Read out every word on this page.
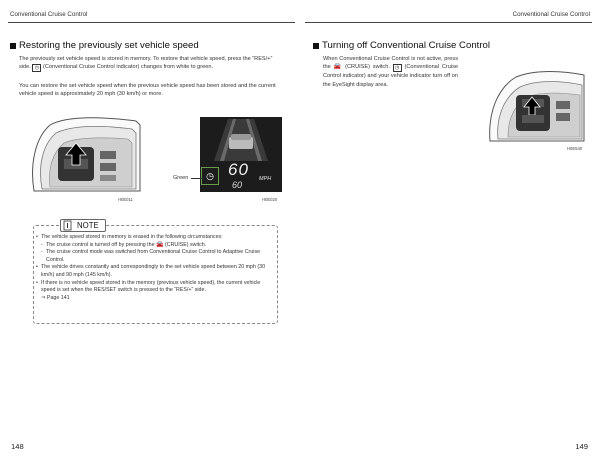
Conventional Cruise Control	Conventional Cruise Control
Restoring the previously set vehicle speed
The previously set vehicle speed is stored in memory. To restore that vehicle speed, press the “RES/+” side. ◷ (Conventional Cruise Control indicator) changes from white to green.
You can restore the set vehicle speed when the previous vehicle speed has been stored and the current vehicle speed is approximately 20 mph (30 km/h) or more.
◷ 60 MPH
60
Green
H0E011	H0E020
NOTE
• The vehicle speed stored in memory is erased in the following circumstances:
- The cruise control is turned off by pressing the 🚘 (CRUISE) switch.
- The cruise control mode was switched from Conventional Cruise Control to Adaptive Cruise Control.
• The vehicle drives constantly and correspondingly to the set vehicle speed between 20 mph (30 km/h) and 90 mph (145 km/h).
• If there is no vehicle speed stored in the memory (previous vehicle speed), the current vehicle speed is set when the RES/SET switch is pressed to the “RES/+” side.
⇒ Page 141
Turning off Conventional Cruise Control
When Conventional Cruise Control is not active, press the 🚘 (CRUISE) switch. ◷ (Conventional Cruise Control indicator) and your vehicle indicator turn off on the EyeSight display area.
H0E540
148	149
